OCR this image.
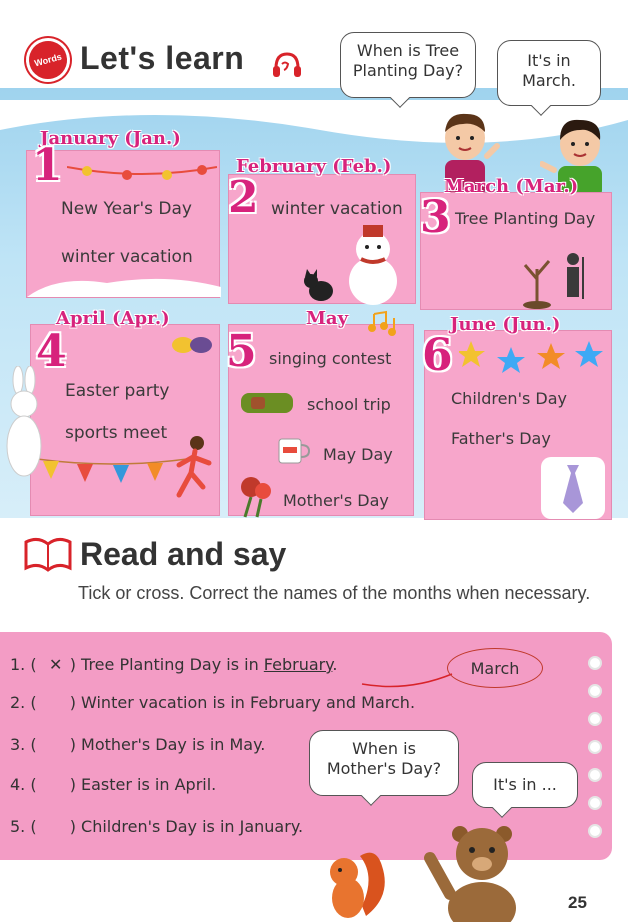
Words Let's learn	When is Tree Planting Day?
It's in March.
New Year's Day
winter vacation
January (Jan.)
1
winter vacation
February (Feb.)
2	Tree Planting Day
March (Mar.)
3
Easter party
sports meet
April (Apr.)
4	singing contest
school trip
May Day
Mother's Day
May
5
Children's Day
Father's Day
June (Jun.)
6
Read and say
Tick or cross. Correct the names of the months when necessary.
1. ( ✕ ) Tree Planting Day is in February.	March
2. ( ) Winter vacation is in February and March.
3. ( ) Mother's Day is in May.
4. ( ) Easter is in April.
5. ( ) Children's Day is in January.
When is Mother's Day?
It's in ...
25
